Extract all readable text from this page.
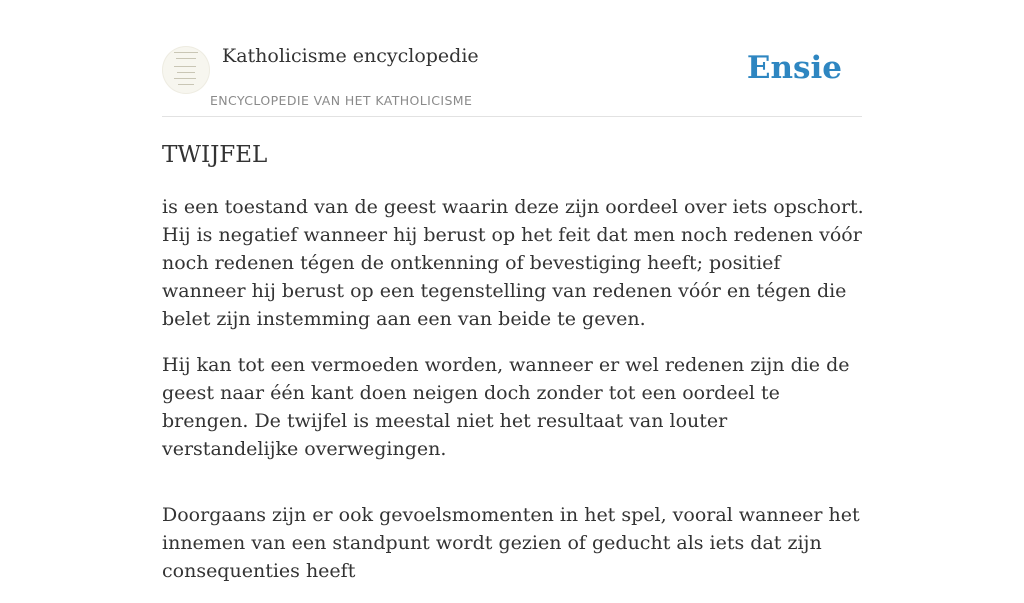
Katholicisme encyclopedie
ENCYCLOPEDIE VAN HET KATHOLICISME
Ensie
TWIJFEL

is een toestand van de geest waarin deze zijn oordeel over iets opschort. Hij is negatief wanneer hij berust op het feit dat men noch redenen vóór noch redenen tégen de ontkenning of bevestiging heeft; positief wanneer hij berust op een tegenstelling van redenen vóór en tégen die belet zijn instemming aan een van beide te geven.

Hij kan tot een vermoeden worden, wanneer er wel redenen zijn die de geest naar één kant doen neigen doch zonder tot een oordeel te brengen. De twijfel is meestal niet het resultaat van louter verstandelijke overwegingen.

Doorgaans zijn er ook gevoelsmomenten in het spel, vooral wanneer het innemen van een standpunt wordt gezien of geducht als iets dat zijn consequenties heeft
